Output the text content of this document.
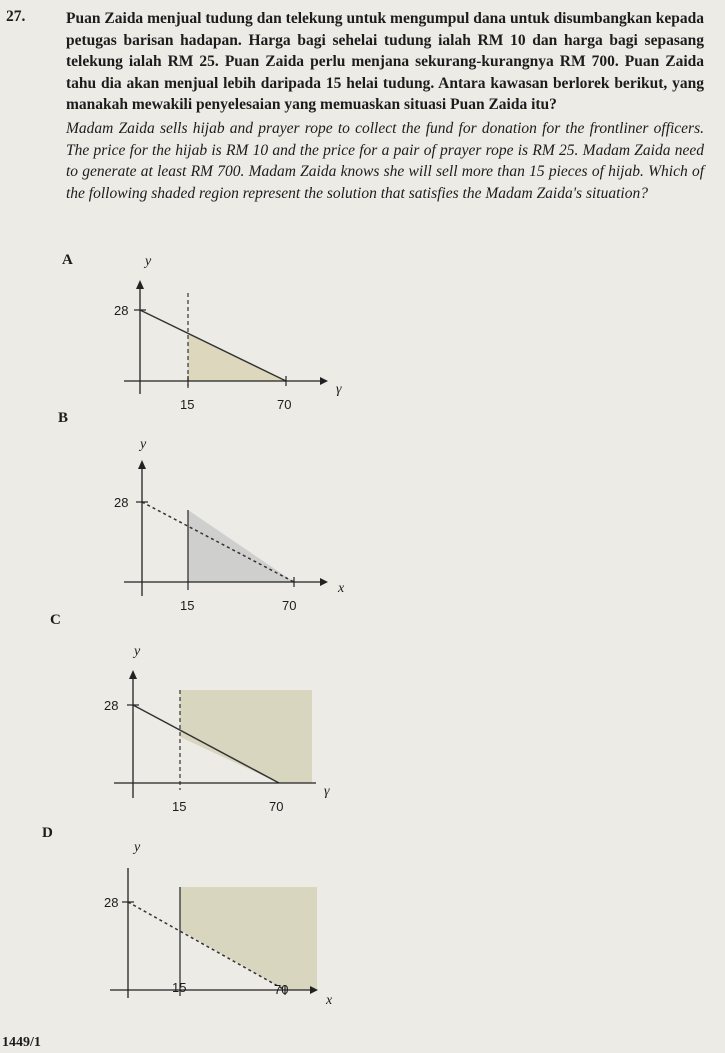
27.	Puan Zaida menjual tudung dan telekung untuk mengumpul dana untuk disumbangkan kepada petugas barisan hadapan. Harga bagi sehelai tudung ialah RM 10 dan harga bagi sepasang telekung ialah RM 25. Puan Zaida perlu menjana sekurang-kurangnya RM 700. Puan Zaida tahu dia akan menjual lebih daripada 15 helai tudung. Antara kawasan berlorek berikut, yang manakah mewakili penyelesaian yang memuaskan situasi Puan Zaida itu?
Madam Zaida sells hijab and prayer rope to collect the fund for donation for the frontliner officers. The price for the hijab is RM 10 and the price for a pair of prayer rope is RM 25. Madam Zaida need to generate at least RM 700. Madam Zaida knows she will sell more than 15 pieces of hijab. Which of the following shaded region represent the solution that satisfies the Madam Zaida's situation?
A	y
28
15	70
γ
B
y
28
15	70
x
C
y
28
15	70
γ
D
y
28
15	70
x
1449/1
